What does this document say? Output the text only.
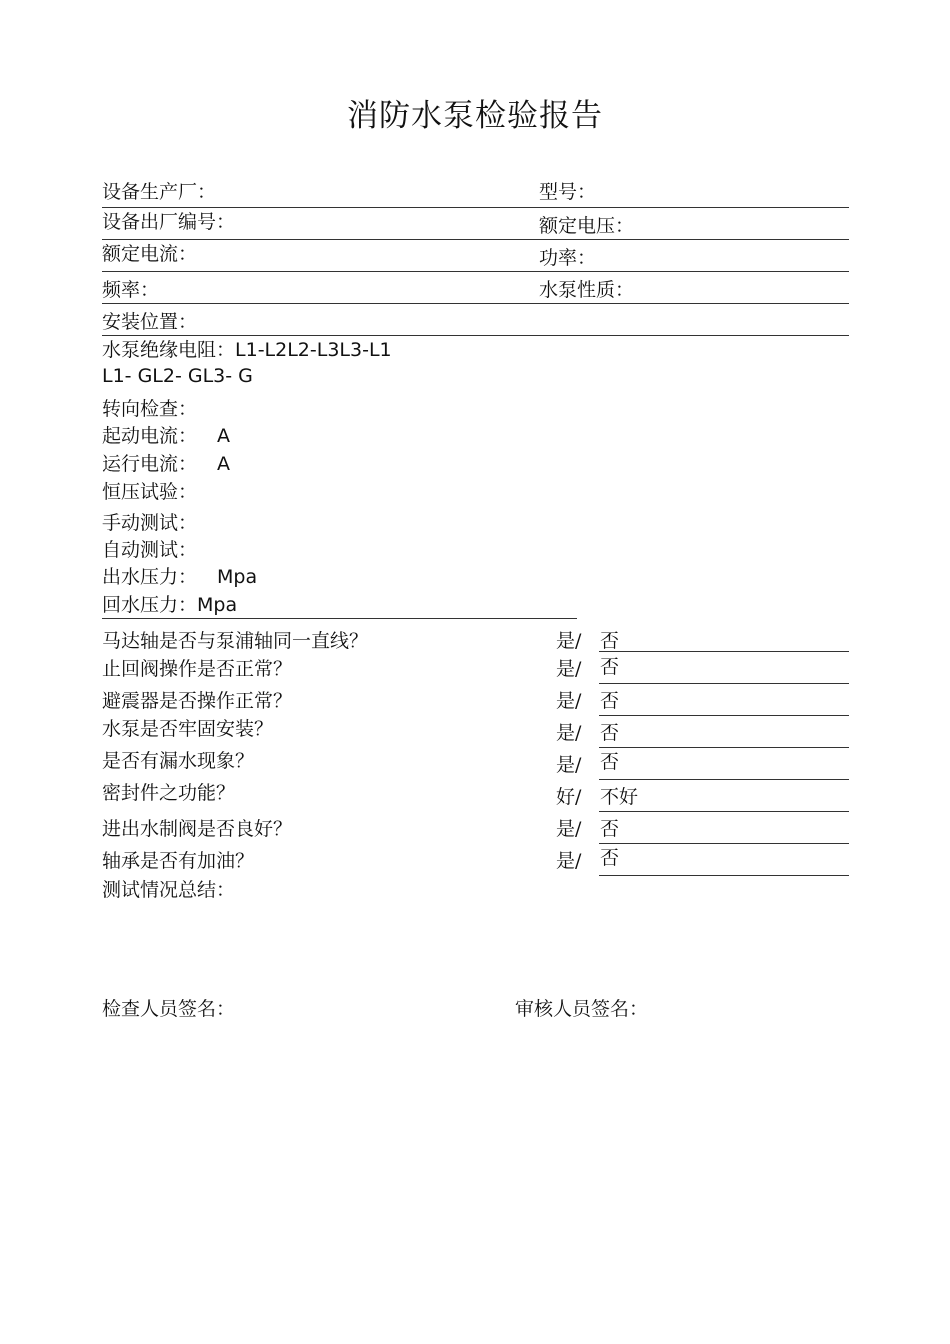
消防水泵检验报告
设备生产厂：	型号：
设备出厂编号：	额定电压：
额定电流：	功率：
频率：	水泵性质：
安装位置：
水泵绝缘电阻：L1-L2L2-L3L3-L1
L1- GL2- GL3- G
转向检查：
起动电流： A
运行电流： A
恒压试验：
手动测试：
自动测试：
出水压力： Mpa
回水压力：Mpa
马达轴是否与泵浦轴同一直线？	是/ 否
止回阀操作是否正常？	是/ 否
避震器是否操作正常？	是/ 否
水泵是否牢固安装？	是/ 否
是否有漏水现象？	是/ 否
密封件之功能？	好/ 不好
进出水制阀是否良好？	是/ 否
轴承是否有加油？	是/ 否
测试情况总结：
检查人员签名：	审核人员签名：
